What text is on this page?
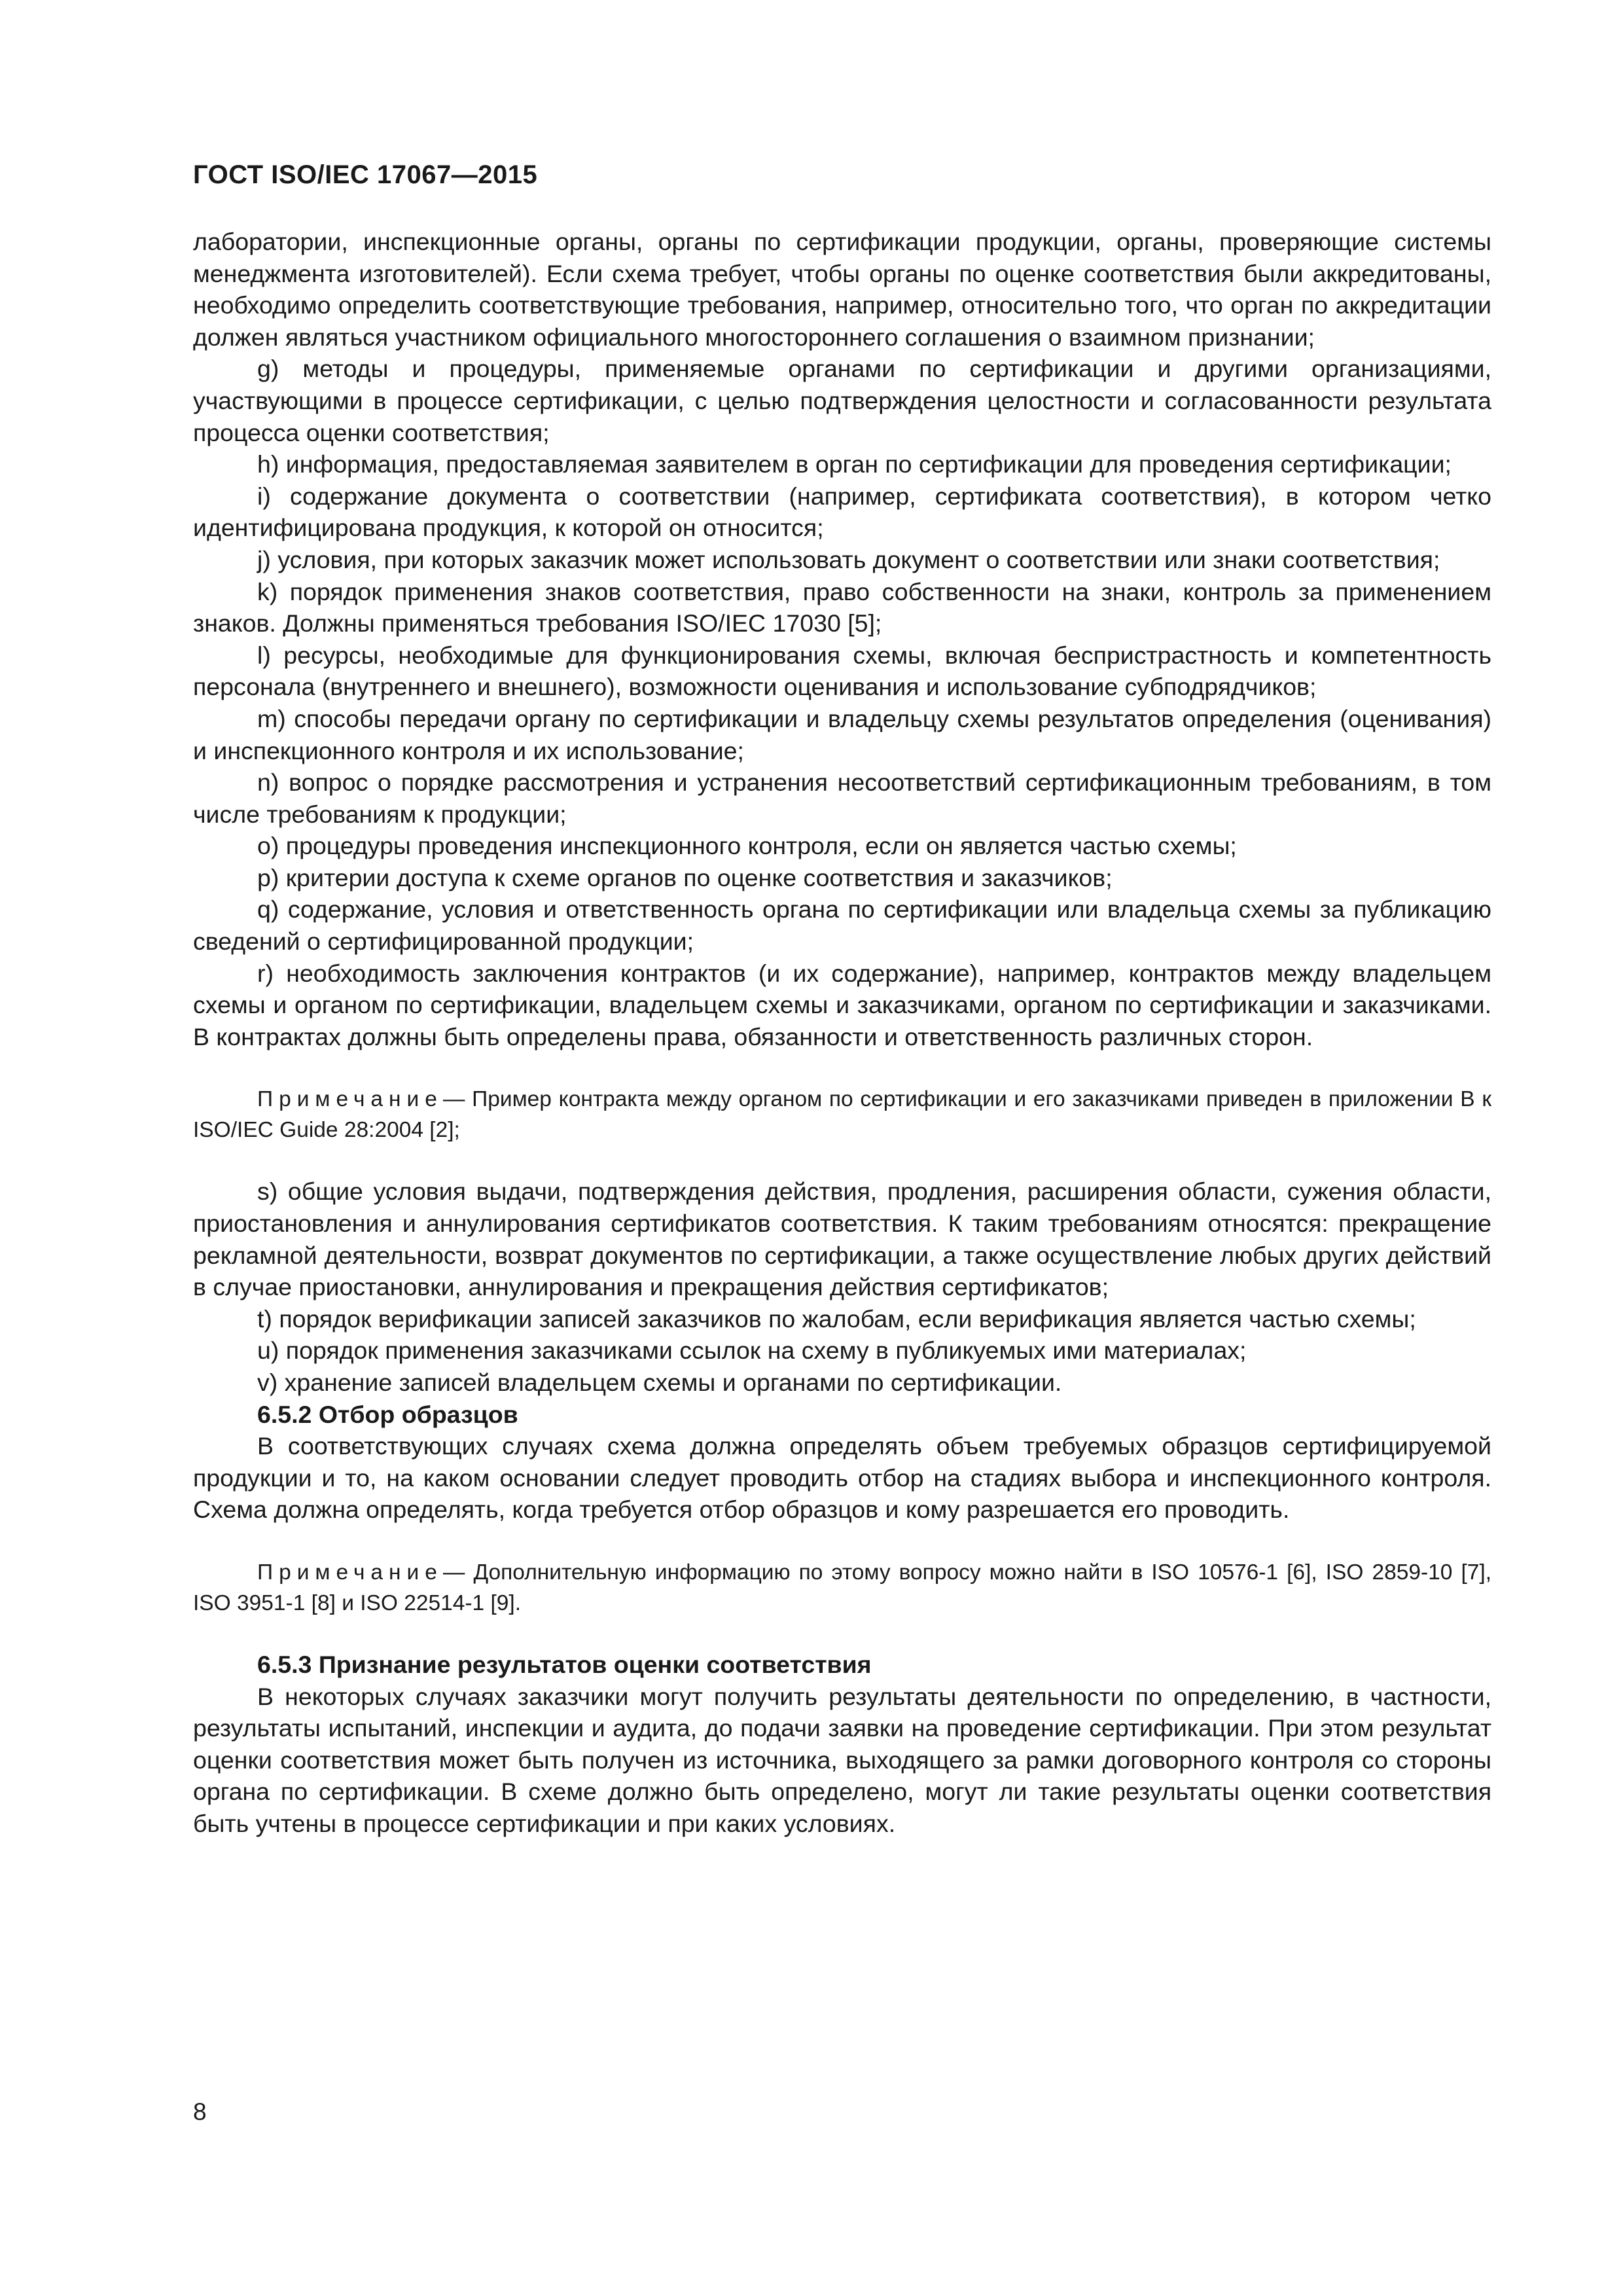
ГОСТ ISO/IEC 17067—2015

лаборатории, инспекционные органы, органы по сертификации продукции, органы, проверяющие системы менеджмента изготовителей). Если схема требует, чтобы органы по оценке соответствия были аккредитованы, необходимо определить соответствующие требования, например, относительно того, что орган по аккредитации должен являться участником официального многостороннего соглашения о взаимном признании;

g) методы и процедуры, применяемые органами по сертификации и другими организациями, участвующими в процессе сертификации, с целью подтверждения целостности и согласованности результата процесса оценки соответствия;

h) информация, предоставляемая заявителем в орган по сертификации для проведения сертификации;

i) содержание документа о соответствии (например, сертификата соответствия), в котором четко идентифицирована продукция, к которой он относится;

j) условия, при которых заказчик может использовать документ о соответствии или знаки соответствия;

k) порядок применения знаков соответствия, право собственности на знаки, контроль за применением знаков. Должны применяться требования ISO/IEC 17030 [5];

l) ресурсы, необходимые для функционирования схемы, включая беспристрастность и компетентность персонала (внутреннего и внешнего), возможности оценивания и использование субподрядчиков;

m) способы передачи органу по сертификации и владельцу схемы результатов определения (оценивания) и инспекционного контроля и их использование;

n) вопрос о порядке рассмотрения и устранения несоответствий сертификационным требованиям, в том числе требованиям к продукции;

o) процедуры проведения инспекционного контроля, если он является частью схемы;

p) критерии доступа к схеме органов по оценке соответствия и заказчиков;

q) содержание, условия и ответственность органа по сертификации или владельца схемы за публикацию сведений о сертифицированной продукции;

r) необходимость заключения контрактов (и их содержание), например, контрактов между владельцем схемы и органом по сертификации, владельцем схемы и заказчиками, органом по сертификации и заказчиками. В контрактах должны быть определены права, обязанности и ответственность различных сторон.

Примечание— Пример контракта между органом по сертификации и его заказчиками приведен в приложении В к ISO/IEC Guide 28:2004 [2];

s) общие условия выдачи, подтверждения действия, продления, расширения области, сужения области, приостановления и аннулирования сертификатов соответствия. К таким требованиям относятся: прекращение рекламной деятельности, возврат документов по сертификации, а также осуществление любых других действий в случае приостановки, аннулирования и прекращения действия сертификатов;

t) порядок верификации записей заказчиков по жалобам, если верификация является частью схемы;

u) порядок применения заказчиками ссылок на схему в публикуемых ими материалах;

v) хранение записей владельцем схемы и органами по сертификации.

6.5.2 Отбор образцов

В соответствующих случаях схема должна определять объем требуемых образцов сертифицируемой продукции и то, на каком основании следует проводить отбор на стадиях выбора и инспекционного контроля. Схема должна определять, когда требуется отбор образцов и кому разрешается его проводить.

Примечание— Дополнительную информацию по этому вопросу можно найти в ISO 10576-1 [6], ISO 2859-10 [7], ISO 3951-1 [8] и ISO 22514-1 [9].

6.5.3 Признание результатов оценки соответствия

В некоторых случаях заказчики могут получить результаты деятельности по определению, в частности, результаты испытаний, инспекции и аудита, до подачи заявки на проведение сертификации. При этом результат оценки соответствия может быть получен из источника, выходящего за рамки договорного контроля со стороны органа по сертификации. В схеме должно быть определено, могут ли такие результаты оценки соответствия быть учтены в процессе сертификации и при каких условиях.

8
